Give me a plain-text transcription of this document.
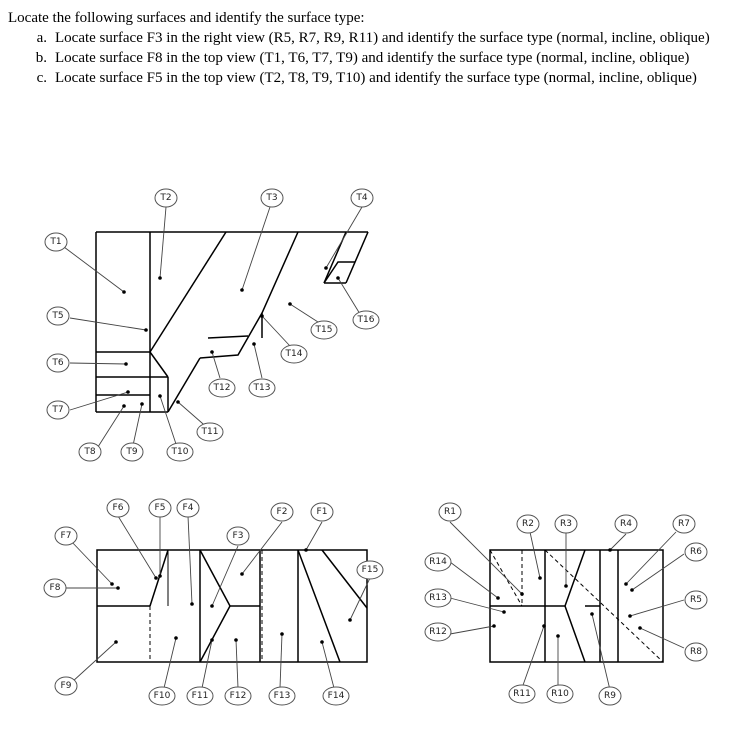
Locate the following surfaces and identify the surface type:

a. Locate surface F3 in the right view (R5, R7, R9, R11) and identify the surface type (normal, incline, oblique)
b. Locate surface F8 in the top view (T1, T6, T7, T9) and identify the surface type (normal, incline, oblique)
c. Locate surface F5 in the top view (T2, T8, T9, T10) and identify the surface type (normal, incline, oblique)
T1
T2	T3	T4
T5
T6
T7
T8	T9	T10
T11
T12	T13
T14
T15
T16
F1
F2
F3
F4
F5
F6
F7
F8
F9
F10 F11 F12	F13	F14
F15
R1
R2	R3	R4
R5
R6
R7
R8
R9
R10
R11
R12
R13
R14
